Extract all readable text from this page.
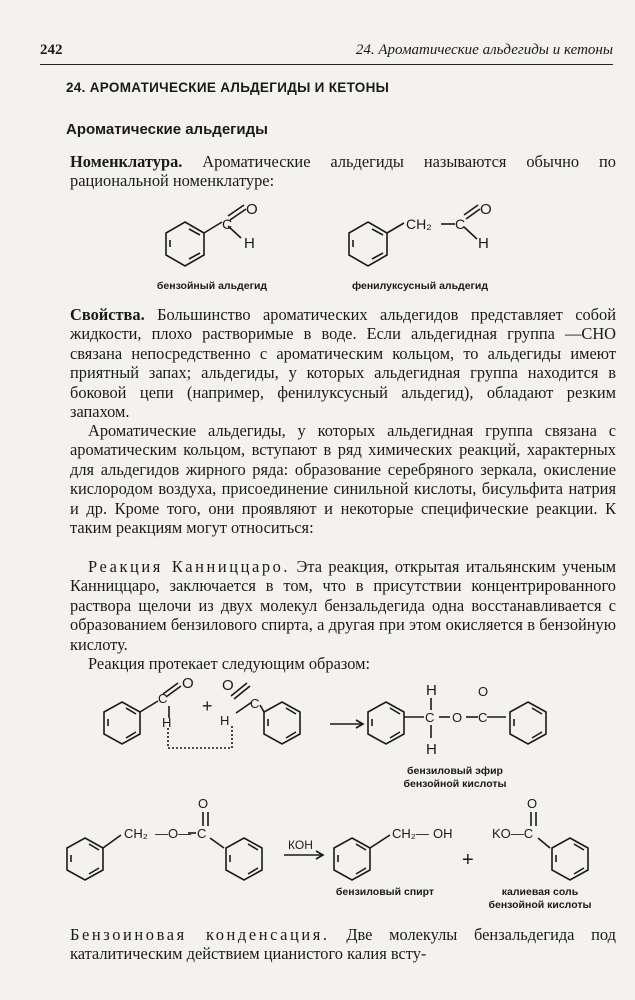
242	24. Ароматические альдегиды и кетоны
24. АРОМАТИЧЕСКИЕ АЛЬДЕГИДЫ И КЕТОНЫ
Ароматические альдегиды
Номенклатура. Ароматические альдегиды называются обычно по рациональной номенклатуре:
O
H
C	CH₂ C
O
H
C
O
H
+
O
H
C
H
C
H
O C
O
CH₂ —O— C
O
КОН
CH₂— OH
+
KO—C
O
бензойный альдегид	фенилуксусный альдегид
Свойства. Большинство ароматических альдегидов представляет собой жидкости, плохо растворимые в воде. Если альдегидная группа —СНО связана непосредственно с ароматическим кольцом, то альдегиды имеют приятный запах; альдегиды, у которых альдегидная группа находится в боковой цепи (например, фенилуксусный альдегид), обладают резким запахом.
Ароматические альдегиды, у которых альдегидная группа связана с ароматическим кольцом, вступают в ряд химических реакций, характерных для альдегидов жирного ряда: образование серебряного зеркала, окисление кислородом воздуха, присоединение синильной кислоты, бисульфита натрия и др. Кроме того, они проявляют и некоторые специфические реакции. К таким реакциям могут относиться:
Реакция Канниццаро. Эта реакция, открытая итальянским ученым Канниццаро, заключается в том, что в присутствии концентрированного раствора щелочи из двух молекул бензальдегида одна восстанавливается с образованием бензилового спирта, а другая при этом окисляется в бензойную кислоту.
Реакция протекает следующим образом:
бензиловый эфир
бензойной кислоты
бензиловый спирт	калиевая соль
бензойной кислоты
Бензоиновая конденсация. Две молекулы бензальдегида под каталитическим действием цианистого калия всту-
